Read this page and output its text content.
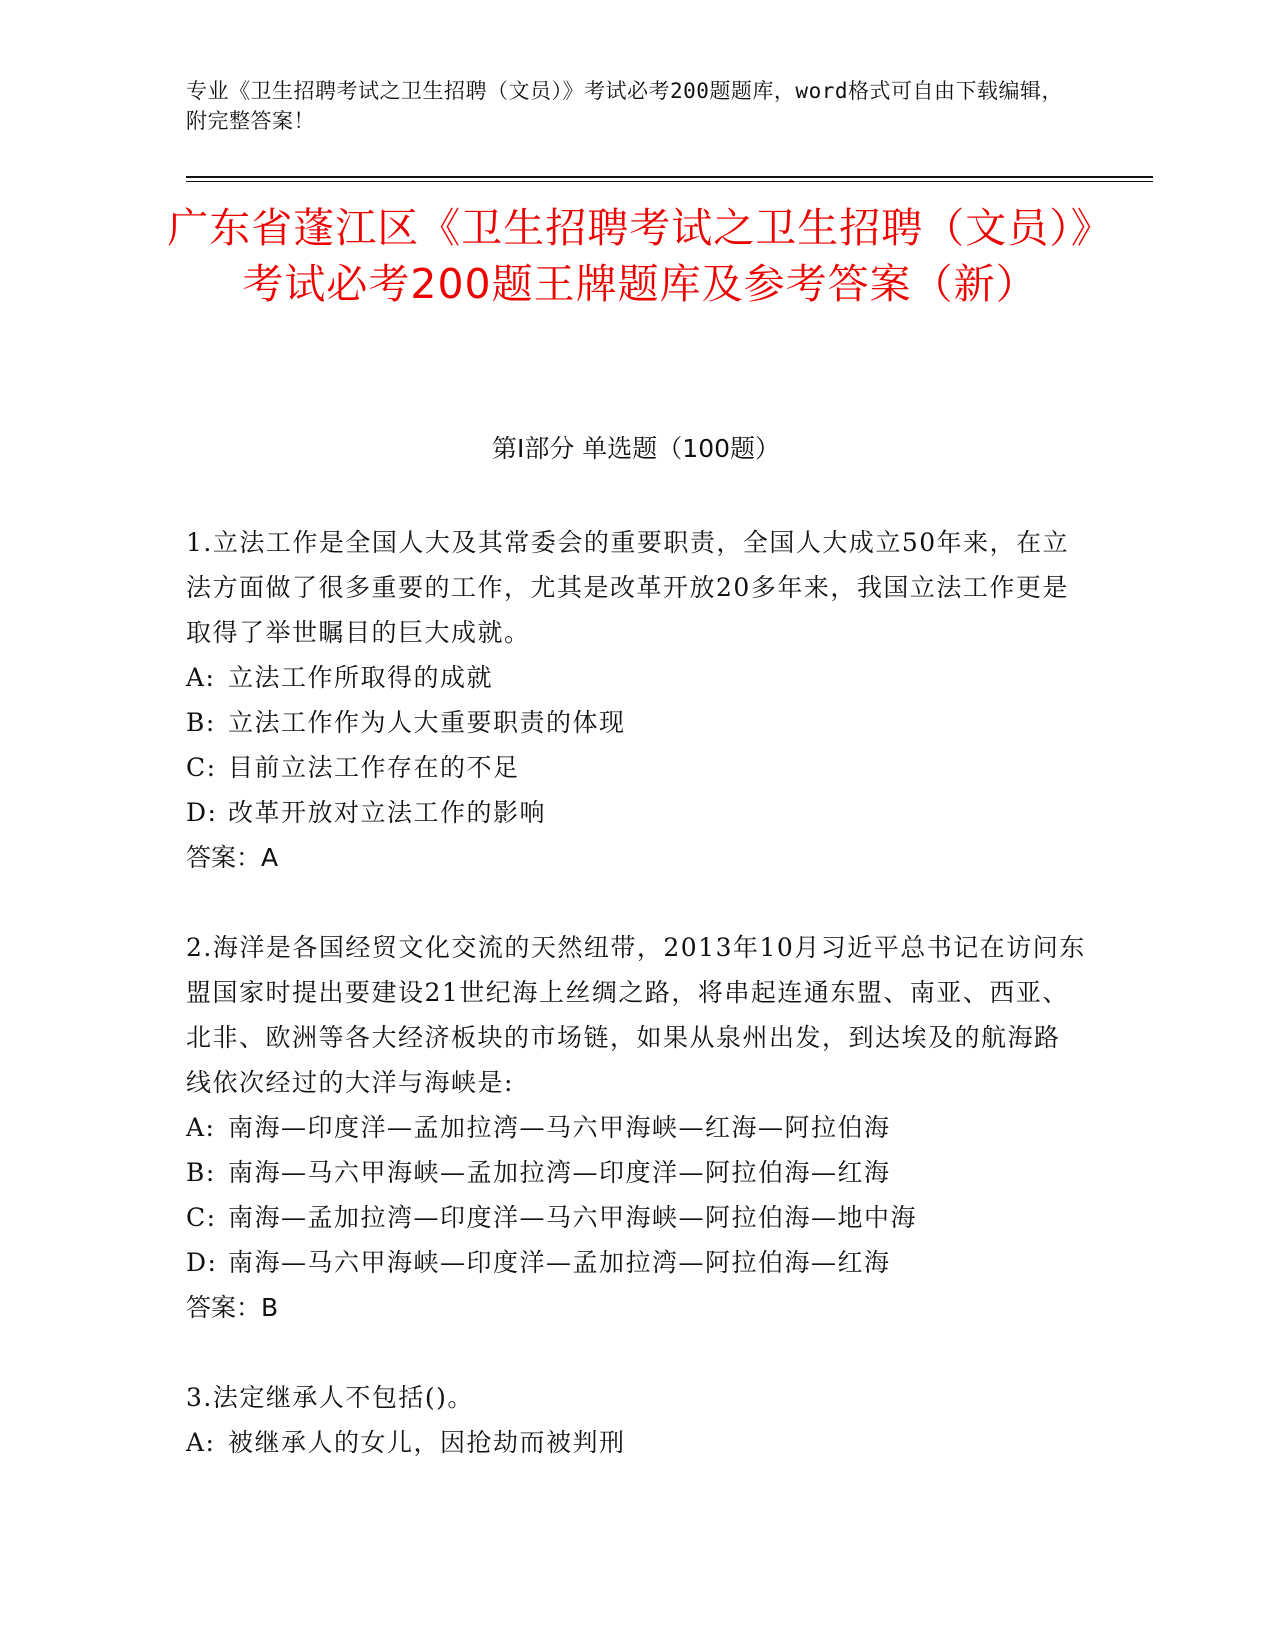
专业《卫生招聘考试之卫生招聘（文员）》考试必考200题题库，word格式可自由下载编辑，附完整答案！
广东省蓬江区《卫生招聘考试之卫生招聘（文员）》考试必考200题王牌题库及参考答案（新）
第I部分 单选题（100题）

1.立法工作是全国人大及其常委会的重要职责，全国人大成立50年来，在立法方面做了很多重要的工作，尤其是改革开放20多年来，我国立法工作更是取得了举世瞩目的巨大成就。

A: 立法工作所取得的成就

B: 立法工作作为人大重要职责的体现

C: 目前立法工作存在的不足

D: 改革开放对立法工作的影响

答案：A

2.海洋是各国经贸文化交流的天然纽带，2013年10月习近平总书记在访问东盟国家时提出要建设21世纪海上丝绸之路，将串起连通东盟、南亚、西亚、北非、欧洲等各大经济板块的市场链，如果从泉州出发，到达埃及的航海路线依次经过的大洋与海峡是:

A: 南海—印度洋—孟加拉湾—马六甲海峡—红海—阿拉伯海

B: 南海—马六甲海峡—孟加拉湾—印度洋—阿拉伯海—红海

C: 南海—孟加拉湾—印度洋—马六甲海峡—阿拉伯海—地中海

D: 南海—马六甲海峡—印度洋—孟加拉湾—阿拉伯海—红海

答案：B

3.法定继承人不包括()。

A: 被继承人的女儿，因抢劫而被判刑
